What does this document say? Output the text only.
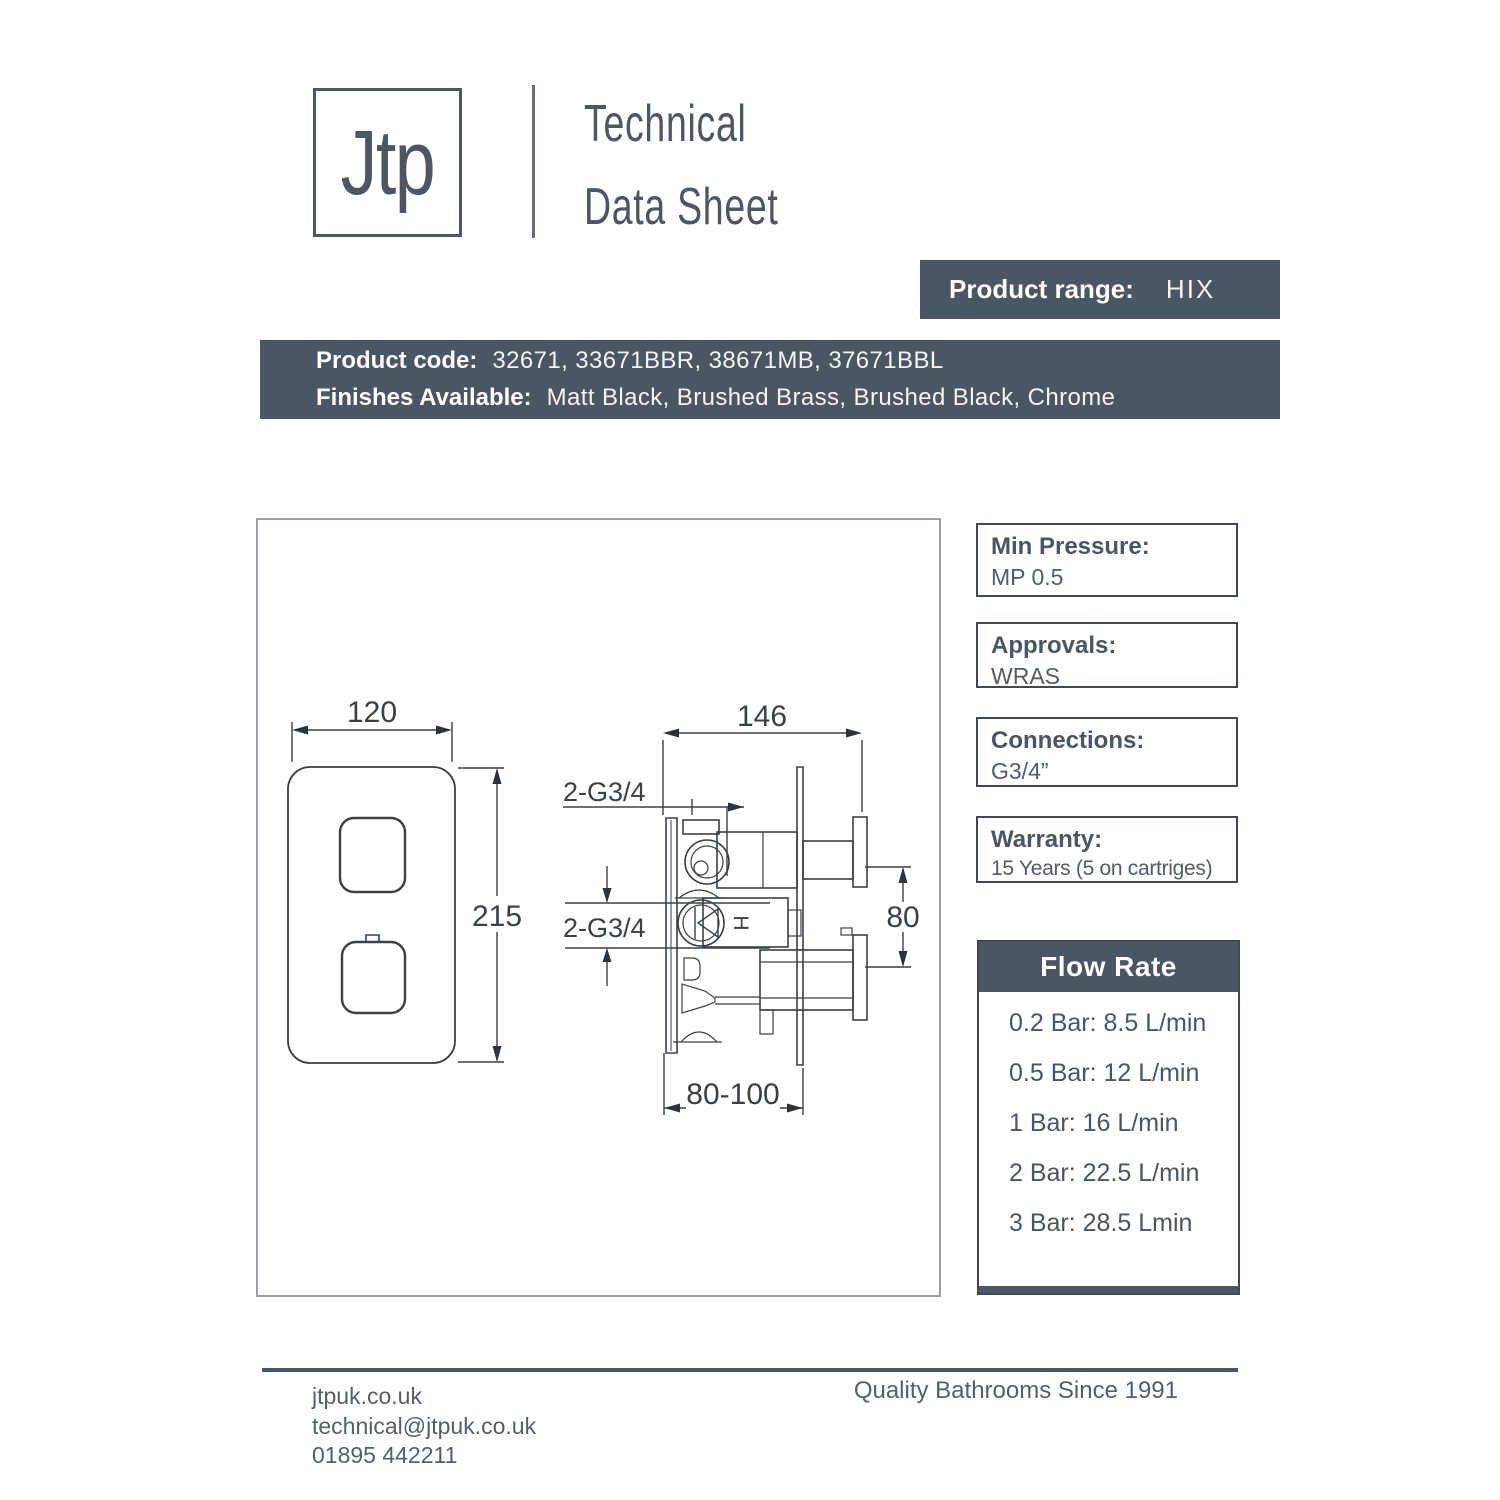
Jtp	Technical
Data Sheet
Product range: HIX
Product code: 32671, 33671BBR, 38671MB, 37671BBL
Finishes Available: Matt Black, Brushed Brass, Brushed Black, Chrome
120
215
146
2-G3/4
2-G3/4	80
80-100
H
Min Pressure:
MP 0.5
Approvals:
WRAS
Connections:
G3/4”
Warranty:
15 Years (5 on cartriges)
Flow Rate
0.2 Bar: 8.5 L/min
0.5 Bar: 12 L/min
1 Bar: 16 L/min
2 Bar: 22.5 L/min
3 Bar: 28.5 Lmin
jtpuk.co.uk
technical@jtpuk.co.uk
01895 442211
Quality Bathrooms Since 1991
